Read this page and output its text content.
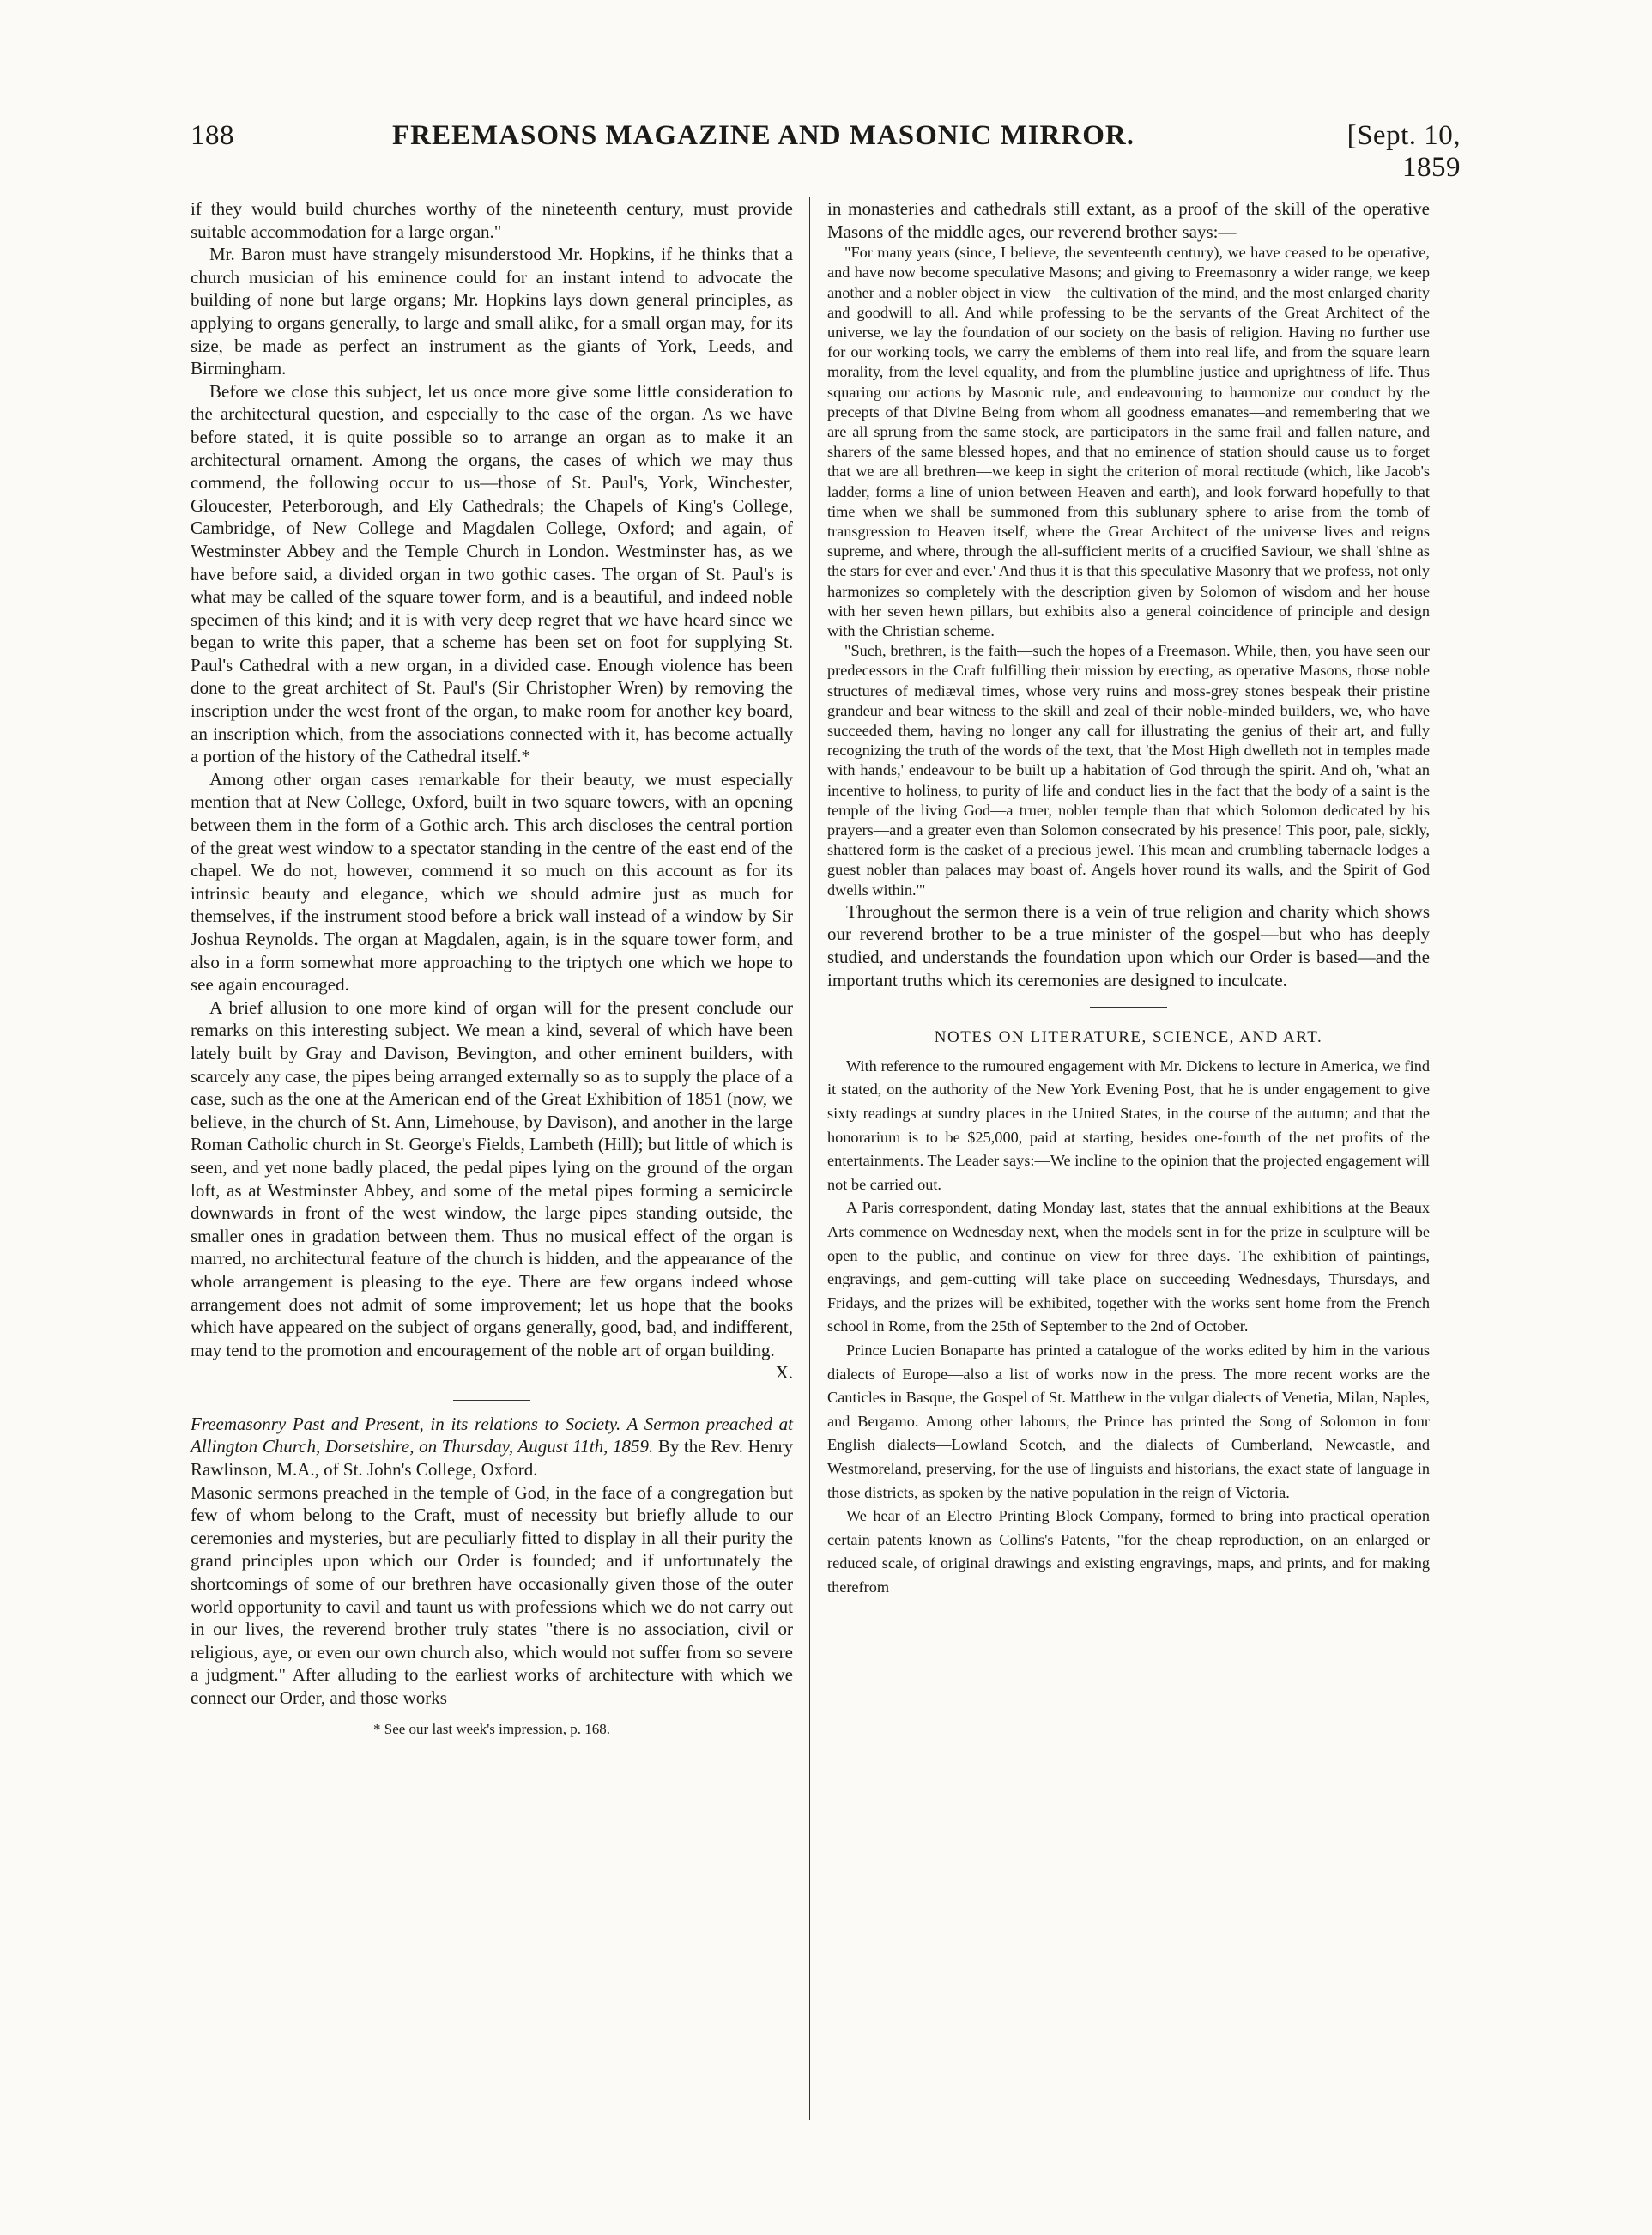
188	FREEMASONS MAGAZINE AND MASONIC MIRROR.	[Sept. 10, 1859

if they would build churches worthy of the nineteenth century, must provide suitable accommodation for a large organ."

Mr. Baron must have strangely misunderstood Mr. Hopkins, if he thinks that a church musician of his eminence could for an instant intend to advocate the building of none but large organs; Mr. Hopkins lays down general principles, as applying to organs generally, to large and small alike, for a small organ may, for its size, be made as perfect an instrument as the giants of York, Leeds, and Birmingham.

Before we close this subject, let us once more give some little consideration to the architectural question, and especially to the case of the organ. As we have before stated, it is quite possible so to arrange an organ as to make it an architectural ornament. Among the organs, the cases of which we may thus commend, the following occur to us—those of St. Paul's, York, Winchester, Gloucester, Peterborough, and Ely Cathedrals; the Chapels of King's College, Cambridge, of New College and Magdalen College, Oxford; and again, of Westminster Abbey and the Temple Church in London. Westminster has, as we have before said, a divided organ in two gothic cases. The organ of St. Paul's is what may be called of the square tower form, and is a beautiful, and indeed noble specimen of this kind; and it is with very deep regret that we have heard since we began to write this paper, that a scheme has been set on foot for supplying St. Paul's Cathedral with a new organ, in a divided case. Enough violence has been done to the great architect of St. Paul's (Sir Christopher Wren) by removing the inscription under the west front of the organ, to make room for another key board, an inscription which, from the associations connected with it, has become actually a portion of the history of the Cathedral itself.*

Among other organ cases remarkable for their beauty, we must especially mention that at New College, Oxford, built in two square towers, with an opening between them in the form of a Gothic arch. This arch discloses the central portion of the great west window to a spectator standing in the centre of the east end of the chapel. We do not, however, commend it so much on this account as for its intrinsic beauty and elegance, which we should admire just as much for themselves, if the instrument stood before a brick wall instead of a window by Sir Joshua Reynolds. The organ at Magdalen, again, is in the square tower form, and also in a form somewhat more approaching to the triptych one which we hope to see again encouraged.

A brief allusion to one more kind of organ will for the present conclude our remarks on this interesting subject. We mean a kind, several of which have been lately built by Gray and Davison, Bevington, and other eminent builders, with scarcely any case, the pipes being arranged externally so as to supply the place of a case, such as the one at the American end of the Great Exhibition of 1851 (now, we believe, in the church of St. Ann, Limehouse, by Davison), and another in the large Roman Catholic church in St. George's Fields, Lambeth (Hill); but little of which is seen, and yet none badly placed, the pedal pipes lying on the ground of the organ loft, as at Westminster Abbey, and some of the metal pipes forming a semicircle downwards in front of the west window, the large pipes standing outside, the smaller ones in gradation between them. Thus no musical effect of the organ is marred, no architectural feature of the church is hidden, and the appearance of the whole arrangement is pleasing to the eye. There are few organs indeed whose arrangement does not admit of some improvement; let us hope that the books which have appeared on the subject of organs generally, good, bad, and indifferent, may tend to the promotion and encouragement of the noble art of organ building.

X.

Freemasonry Past and Present, in its relations to Society. A Sermon preached at Allington Church, Dorsetshire, on Thursday, August 11th, 1859. By the Rev. Henry Rawlinson, M.A., of St. John's College, Oxford.

Masonic sermons preached in the temple of God, in the face of a congregation but few of whom belong to the Craft, must of necessity but briefly allude to our ceremonies and mysteries, but are peculiarly fitted to display in all their purity the grand principles upon which our Order is founded; and if unfortunately the shortcomings of some of our brethren have occasionally given those of the outer world opportunity to cavil and taunt us with professions which we do not carry out in our lives, the reverend brother truly states "there is no association, civil or religious, aye, or even our own church also, which would not suffer from so severe a judgment." After alluding to the earliest works of architecture with which we connect our Order, and those works

* See our last week's impression, p. 168.

in monasteries and cathedrals still extant, as a proof of the skill of the operative Masons of the middle ages, our reverend brother says:—

"For many years (since, I believe, the seventeenth century), we have ceased to be operative, and have now become speculative Masons; and giving to Freemasonry a wider range, we keep another and a nobler object in view—the cultivation of the mind, and the most enlarged charity and goodwill to all. And while professing to be the servants of the Great Architect of the universe, we lay the foundation of our society on the basis of religion. Having no further use for our working tools, we carry the emblems of them into real life, and from the square learn morality, from the level equality, and from the plumbline justice and uprightness of life. Thus squaring our actions by Masonic rule, and endeavouring to harmonize our conduct by the precepts of that Divine Being from whom all goodness emanates—and remembering that we are all sprung from the same stock, are participators in the same frail and fallen nature, and sharers of the same blessed hopes, and that no eminence of station should cause us to forget that we are all brethren—we keep in sight the criterion of moral rectitude (which, like Jacob's ladder, forms a line of union between Heaven and earth), and look forward hopefully to that time when we shall be summoned from this sublunary sphere to arise from the tomb of transgression to Heaven itself, where the Great Architect of the universe lives and reigns supreme, and where, through the all-sufficient merits of a crucified Saviour, we shall 'shine as the stars for ever and ever.' And thus it is that this speculative Masonry that we profess, not only harmonizes so completely with the description given by Solomon of wisdom and her house with her seven hewn pillars, but exhibits also a general coincidence of principle and design with the Christian scheme.

"Such, brethren, is the faith—such the hopes of a Freemason. While, then, you have seen our predecessors in the Craft fulfilling their mission by erecting, as operative Masons, those noble structures of mediæval times, whose very ruins and moss-grey stones bespeak their pristine grandeur and bear witness to the skill and zeal of their noble-minded builders, we, who have succeeded them, having no longer any call for illustrating the genius of their art, and fully recognizing the truth of the words of the text, that 'the Most High dwelleth not in temples made with hands,' endeavour to be built up a habitation of God through the spirit. And oh, 'what an incentive to holiness, to purity of life and conduct lies in the fact that the body of a saint is the temple of the living God—a truer, nobler temple than that which Solomon dedicated by his prayers—and a greater even than Solomon consecrated by his presence! This poor, pale, sickly, shattered form is the casket of a precious jewel. This mean and crumbling tabernacle lodges a guest nobler than palaces may boast of. Angels hover round its walls, and the Spirit of God dwells within.'"

Throughout the sermon there is a vein of true religion and charity which shows our reverend brother to be a true minister of the gospel—but who has deeply studied, and understands the foundation upon which our Order is based—and the important truths which its ceremonies are designed to inculcate.

NOTES ON LITERATURE, SCIENCE, AND ART.

With reference to the rumoured engagement with Mr. Dickens to lecture in America, we find it stated, on the authority of the New York Evening Post, that he is under engagement to give sixty readings at sundry places in the United States, in the course of the autumn; and that the honorarium is to be $25,000, paid at starting, besides one-fourth of the net profits of the entertainments. The Leader says:—We incline to the opinion that the projected engagement will not be carried out.

A Paris correspondent, dating Monday last, states that the annual exhibitions at the Beaux Arts commence on Wednesday next, when the models sent in for the prize in sculpture will be open to the public, and continue on view for three days. The exhibition of paintings, engravings, and gem-cutting will take place on succeeding Wednesdays, Thursdays, and Fridays, and the prizes will be exhibited, together with the works sent home from the French school in Rome, from the 25th of September to the 2nd of October.

Prince Lucien Bonaparte has printed a catalogue of the works edited by him in the various dialects of Europe—also a list of works now in the press. The more recent works are the Canticles in Basque, the Gospel of St. Matthew in the vulgar dialects of Venetia, Milan, Naples, and Bergamo. Among other labours, the Prince has printed the Song of Solomon in four English dialects—Lowland Scotch, and the dialects of Cumberland, Newcastle, and Westmoreland, preserving, for the use of linguists and historians, the exact state of language in those districts, as spoken by the native population in the reign of Victoria.

We hear of an Electro Printing Block Company, formed to bring into practical operation certain patents known as Collins's Patents, "for the cheap reproduction, on an enlarged or reduced scale, of original drawings and existing engravings, maps, and prints, and for making therefrom
